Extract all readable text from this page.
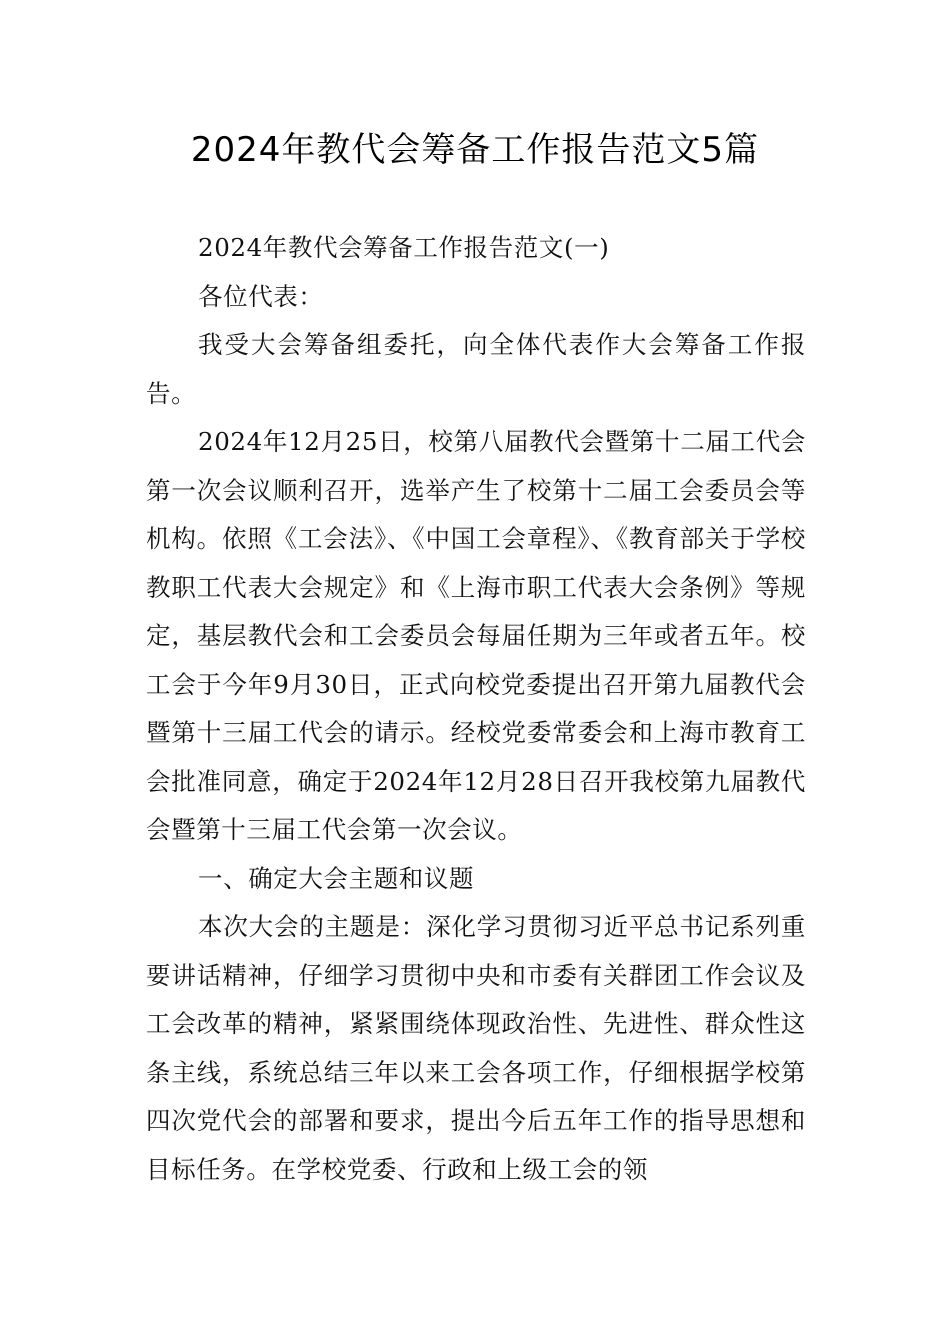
2024年教代会筹备工作报告范文5篇

2024年教代会筹备工作报告范文(一)

各位代表：

我受大会筹备组委托，向全体代表作大会筹备工作报告。

2024年12月25日，校第八届教代会暨第十二届工代会第一次会议顺利召开，选举产生了校第十二届工会委员会等机构。依照《工会法》、《中国工会章程》、《教育部关于学校教职工代表大会规定》和《上海市职工代表大会条例》等规定，基层教代会和工会委员会每届任期为三年或者五年。校工会于今年9月30日，正式向校党委提出召开第九届教代会暨第十三届工代会的请示。经校党委常委会和上海市教育工会批准同意，确定于2024年12月28日召开我校第九届教代会暨第十三届工代会第一次会议。

一、确定大会主题和议题

本次大会的主题是：深化学习贯彻习近平总书记系列重要讲话精神，仔细学习贯彻中央和市委有关群团工作会议及工会改革的精神，紧紧围绕体现政治性、先进性、群众性这条主线，系统总结三年以来工会各项工作，仔细根据学校第四次党代会的部署和要求，提出今后五年工作的指导思想和目标任务。在学校党委、行政和上级工会的领
